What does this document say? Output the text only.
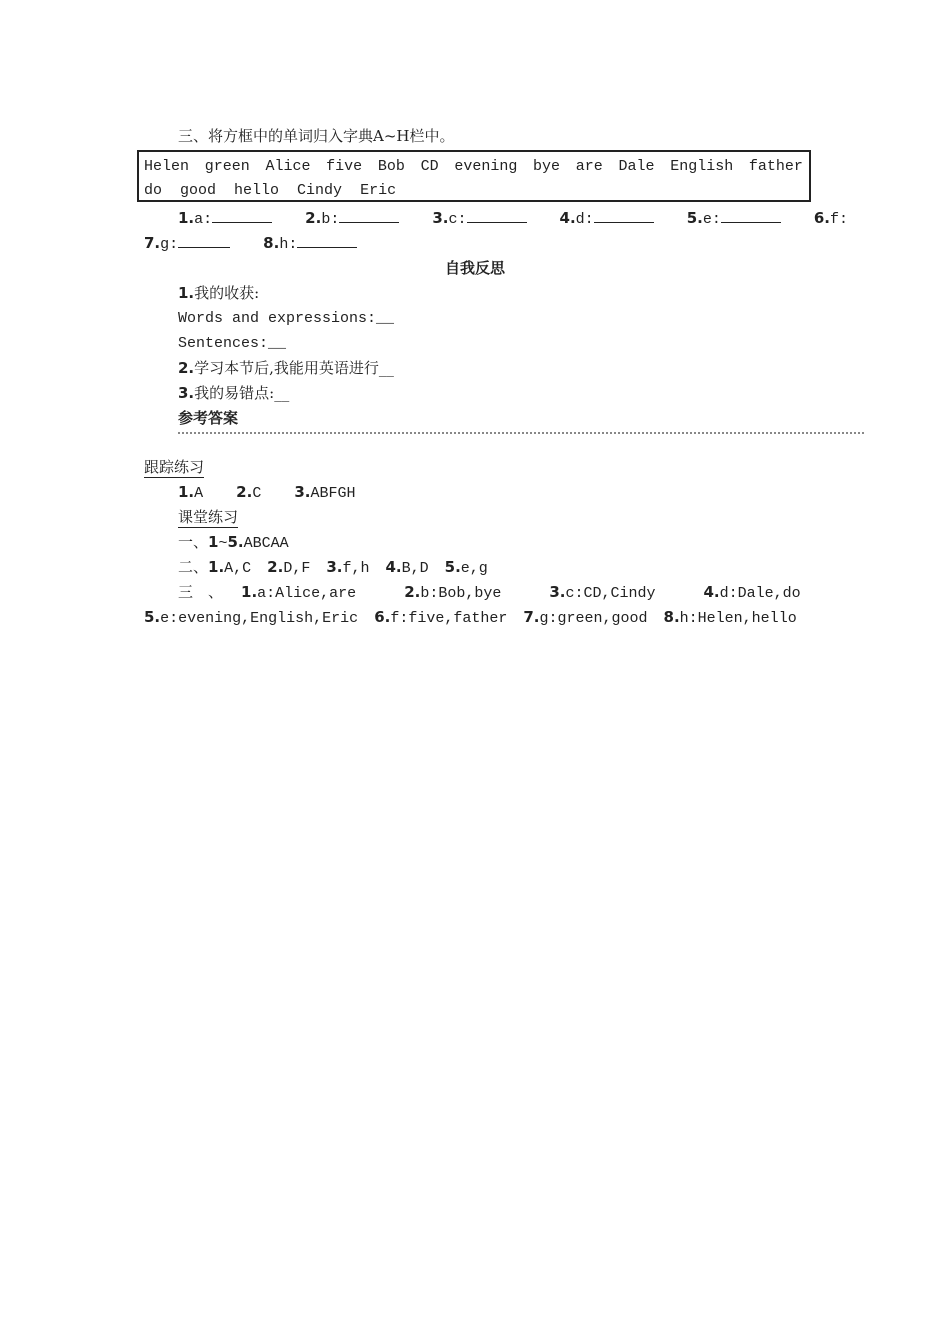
三、将方框中的单词归入字典A~H栏中。
Helen green Alice five Bob CD evening bye are Dale English father
do good hello Cindy Eric
1.a:	2.b:	3.c:	4.d:	5.e:	6.f:
7.g:	8.h:
自我反思
1.我的收获:
Words and expressions:__
Sentences:__
2.学习本节后,我能用英语进行__
3.我的易错点:__
参考答案
跟踪练习
1.A 2.C 3.ABFGH
课堂练习
一、1~5.ABCAA
二、1.A,C 2.D,F 3.f,h 4.B,D 5.e,g
三　、 1.a:Alice,are	2.b:Bob,bye	3.c:CD,Cindy	4.d:Dale,do
5.e:evening,English,Eric 6.f:five,father 7.g:green,good 8.h:Helen,hello
